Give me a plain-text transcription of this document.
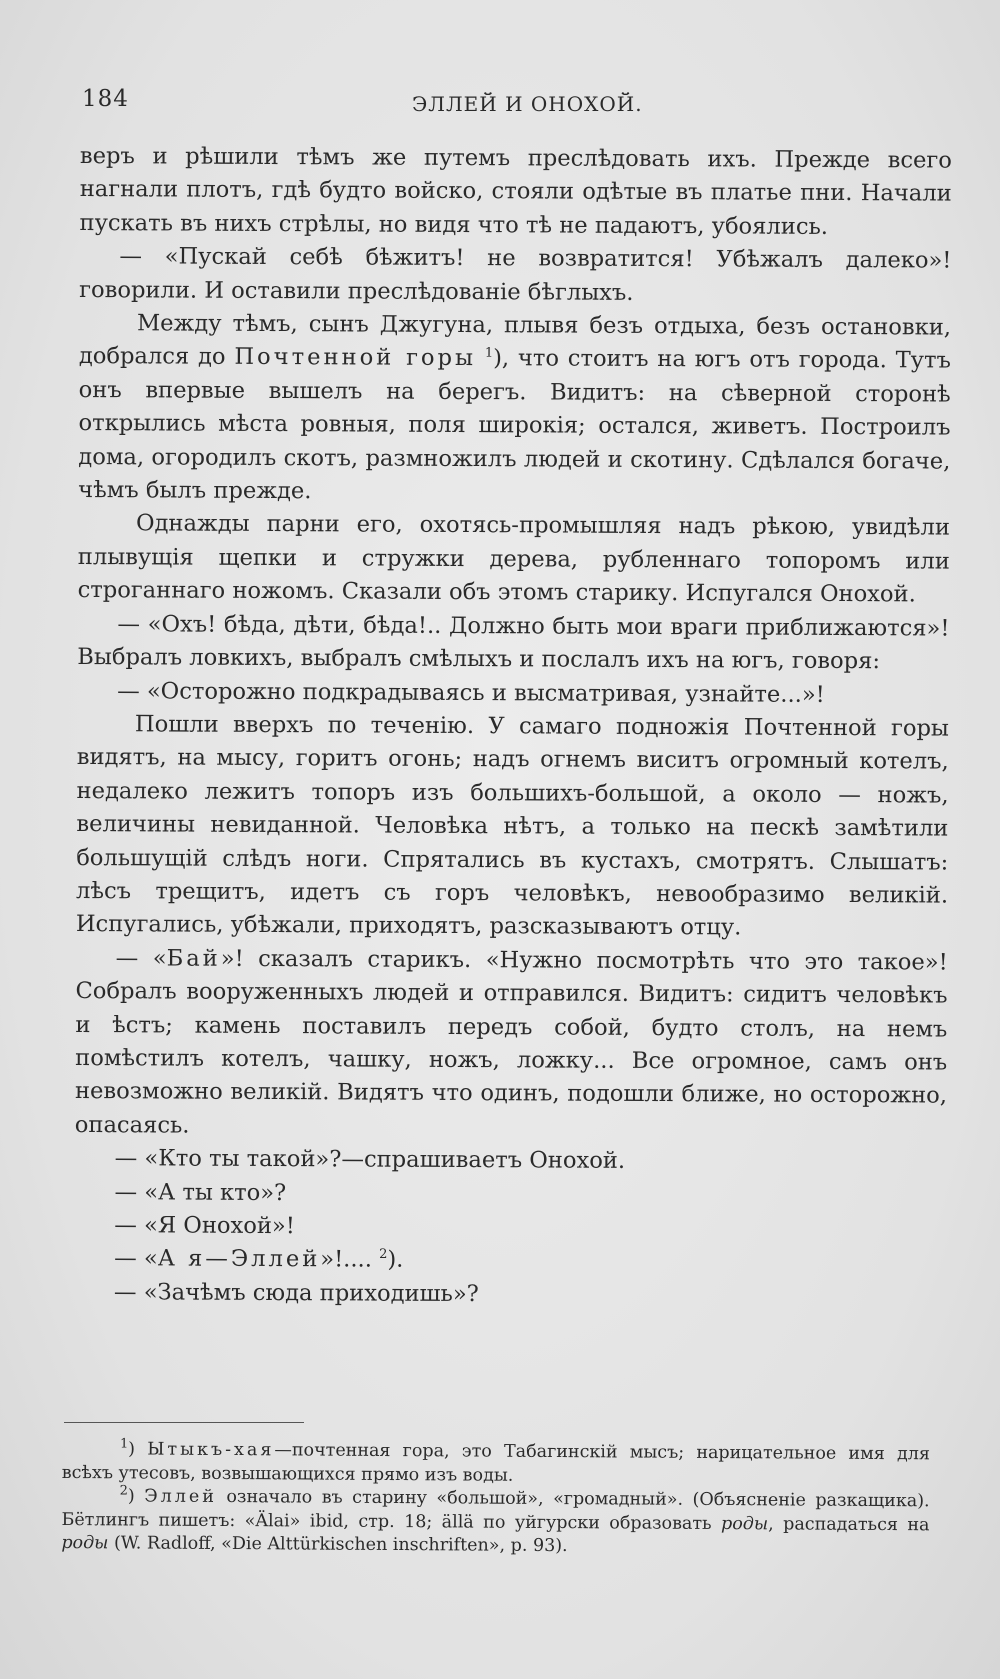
184	ЭЛЛЕЙ И ОНОХОЙ.

веръ и рѣшили тѣмъ же путемъ преслѣдовать ихъ. Прежде всего нагнали плотъ, гдѣ будто войско, стояли одѣтые въ платье пни. Начали пускать въ нихъ стрѣлы, но видя что тѣ не падаютъ, убоялись.

— «Пускай себѣ бѣжитъ! не возвратится! Убѣжалъ далеко»! говорили. И оставили преслѣдованіе бѣглыхъ.

Между тѣмъ, сынъ Джугуна, плывя безъ отдыха, безъ остановки, добрался до Почтенной горы $^1$), что стоитъ на югъ отъ города. Тутъ онъ впервые вышелъ на берегъ. Видитъ: на сѣверной сторонѣ открылись мѣста ровныя, поля широкія; остался, живетъ. Построилъ дома, огородилъ скотъ, размножилъ людей и скотину. Сдѣлался богаче, чѣмъ былъ прежде.

Однажды парни его, охотясь-промышляя надъ рѣкою, увидѣли плывущія щепки и стружки дерева, рубленнаго топоромъ или строганнаго ножомъ. Сказали объ этомъ старику. Испугался Онохой.

— «Охъ! бѣда, дѣти, бѣда!.. Должно быть мои враги приближаются»! Выбралъ ловкихъ, выбралъ смѣлыхъ и послалъ ихъ на югъ, говоря:

— «Осторожно подкрадываясь и высматривая, узнайте...»!

Пошли вверхъ по теченію. У самаго подножія Почтенной горы видятъ, на мысу, горитъ огонь; надъ огнемъ виситъ огромный котелъ, недалеко лежитъ топоръ изъ большихъ-большой, а около — ножъ, величины невиданной. Человѣка нѣтъ, а только на пескѣ замѣтили большущій слѣдъ ноги. Спрятались въ кустахъ, смотрятъ. Слышатъ: лѣсъ трещитъ, идетъ съ горъ человѣкъ, невообразимо великій. Испугались, убѣжали, приходятъ, разсказываютъ отцу.

— «Бай»! сказалъ старикъ. «Нужно посмотрѣть что это такое»! Собралъ вооруженныхъ людей и отправился. Видитъ: сидитъ человѣкъ и ѣстъ; камень поставилъ передъ собой, будто столъ, на немъ помѣстилъ котелъ, чашку, ножъ, ложку... Все огромное, самъ онъ невозможно великій. Видятъ что одинъ, подошли ближе, но осторожно, опасаясь.

— «Кто ты такой»?—спрашиваетъ Онохой.

— «А ты кто»?

— «Я Онохой»!

— «А я—Эллей»!.... $^2$).

— «Зачѣмъ сюда приходишь»?

$^1$) Ытыкъ-хая—почтенная гора, это Табагинскій мысъ; нарицательное имя для всѣхъ утесовъ, возвышающихся прямо изъ воды.

$^2$) Эллей означало въ старину «большой», «громадный». (Объясненіе разкащика). Бётлингъ пишетъ: «Älai» ibid, стр. 18; ällä по уйгурски образовать роды, распадаться на роды (W. Radloff, «Die Alttürkischen inschriften», p. 93).
